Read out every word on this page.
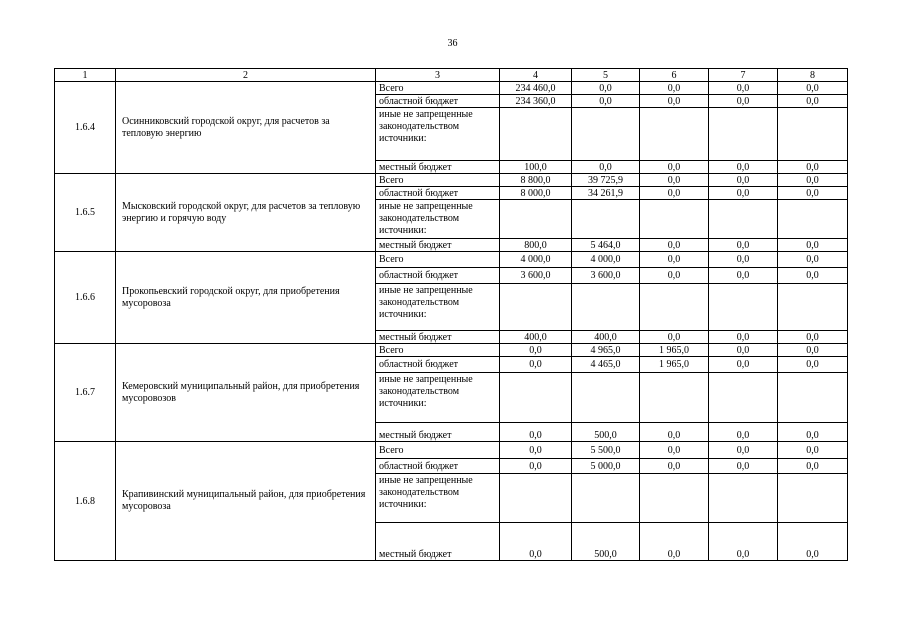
36
1	2	3	4	5	6	7	8
1.6.4	Осинниковский городской округ, для расчетов за тепловую энергию	Всего	234 460,0	0,0	0,0	0,0	0,0
		областной бюджет	234 360,0	0,0	0,0	0,0	0,0
		иные не запрещенные законодательством источники:					
		местный бюджет	100,0	0,0	0,0	0,0	0,0
1.6.5	Мысковский городской округ, для расчетов за тепловую энергию и горячую воду	Всего	8 800,0	39 725,9	0,0	0,0	0,0
		областной бюджет	8 000,0	34 261,9	0,0	0,0	0,0
		иные не запрещенные законодательством источники:					
		местный бюджет	800,0	5 464,0	0,0	0,0	0,0
1.6.6	Прокопьевский городской округ, для приобретения мусоровоза	Всего	4 000,0	4 000,0	0,0	0,0	0,0
		областной бюджет	3 600,0	3 600,0	0,0	0,0	0,0
		иные не запрещенные законодательством источники:					
		местный бюджет	400,0	400,0	0,0	0,0	0,0
1.6.7	Кемеровский муниципальный район, для приобретения мусоровозов	Всего	0,0	4 965,0	1 965,0	0,0	0,0
		областной бюджет	0,0	4 465,0	1 965,0	0,0	0,0
		иные не запрещенные законодательством источники:					
		местный бюджет	0,0	500,0	0,0	0,0	0,0
1.6.8	Крапивинский муниципальный район, для приобретения мусоровоза	Всего	0,0	5 500,0	0,0	0,0	0,0
		областной бюджет	0,0	5 000,0	0,0	0,0	0,0
		иные не запрещенные законодательством источники:					
		местный бюджет	0,0	500,0	0,0	0,0	0,0
